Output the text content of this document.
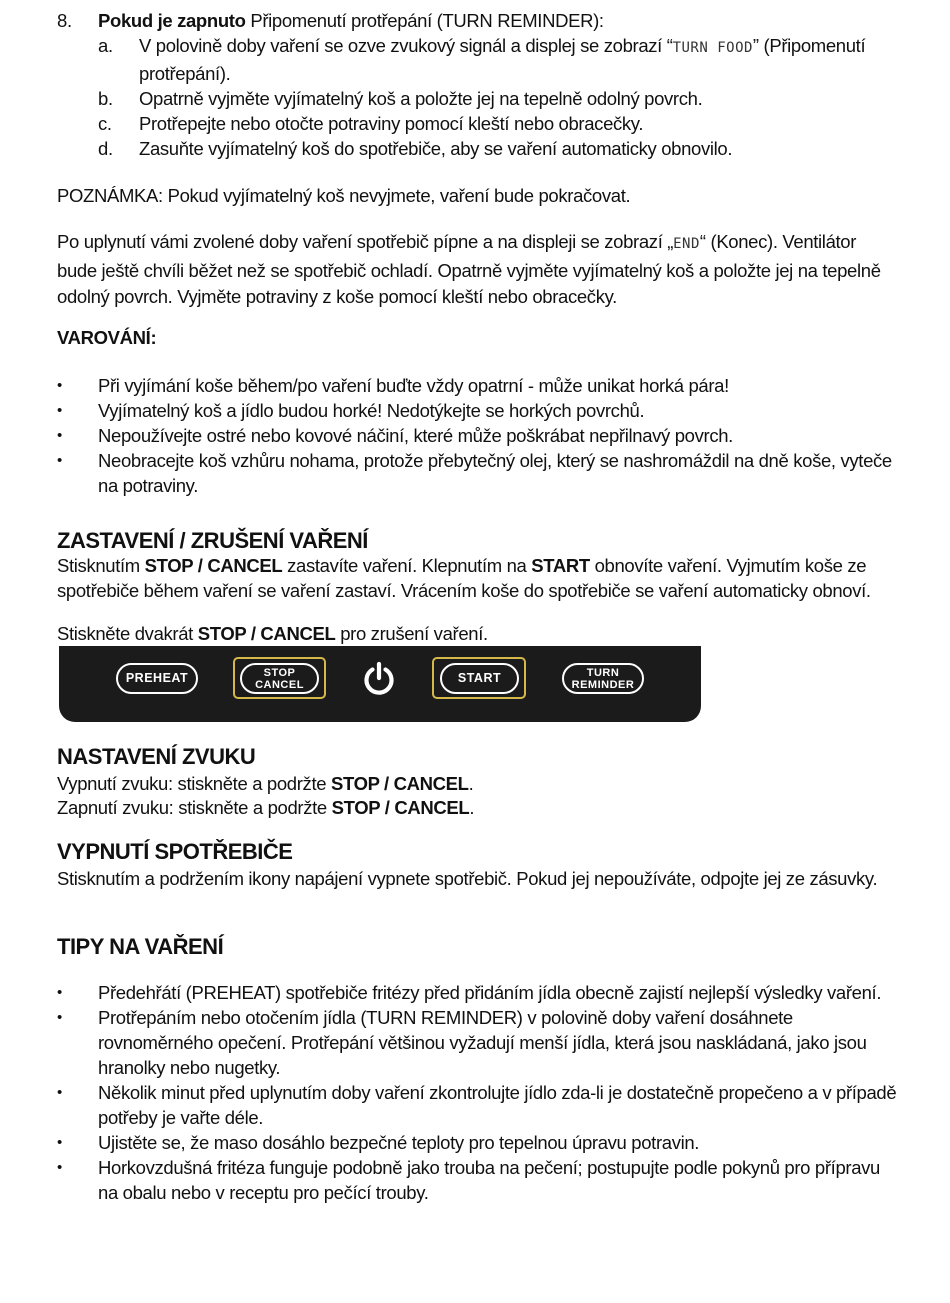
8. Pokud je zapnuto Připomenutí protřepání (TURN REMINDER):
a. V polovině doby vaření se ozve zvukový signál a displej se zobrazí “TURN FOOD” (Připomenutí protřepání).
b. Opatrně vyjměte vyjímatelný koš a položte jej na tepelně odolný povrch.
c. Protřepejte nebo otočte potraviny pomocí kleští nebo obracečky.
d. Zasuňte vyjímatelný koš do spotřebiče, aby se vaření automaticky obnovilo.

POZNÁMKA: Pokud vyjímatelný koš nevyjmete, vaření bude pokračovat.

Po uplynutí vámi zvolené doby vaření spotřebič pípne a na displeji se zobrazí „END“ (Konec). Ventilátor bude ještě chvíli běžet než se spotřebič ochladí. Opatrně vyjměte vyjímatelný koš a položte jej na tepelně odolný povrch. Vyjměte potraviny z koše pomocí kleští nebo obracečky.

VAROVÁNÍ:

• Při vyjímání koše během/po vaření buďte vždy opatrní - může unikat horká pára!
• Vyjímatelný koš a jídlo budou horké! Nedotýkejte se horkých povrchů.
• Nepoužívejte ostré nebo kovové náčiní, které může poškrábat nepřilnavý povrch.
• Neobracejte koš vzhůru nohama, protože přebytečný olej, který se nashromáždil na dně koše, vyteče na potraviny.
ZASTAVENÍ / ZRUŠENÍ VAŘENÍ

Stisknutím STOP / CANCEL zastavíte vaření. Klepnutím na START obnovíte vaření. Vyjmutím koše ze spotřebiče během vaření se vaření zastaví. Vrácením koše do spotřebiče se vaření automaticky obnoví.

Stiskněte dvakrát STOP / CANCEL pro zrušení vaření.

PREHEAT	STOP
CANCEL	START	TURN
REMINDER
NASTAVENÍ ZVUKU

Vypnutí zvuku: stiskněte a podržte STOP / CANCEL.

Zapnutí zvuku: stiskněte a podržte STOP / CANCEL.

VYPNUTÍ SPOTŘEBIČE

Stisknutím a podržením ikony napájení vypnete spotřebič. Pokud jej nepoužíváte, odpojte jej ze zásuvky.

TIPY NA VAŘENÍ
• Předehřátí (PREHEAT) spotřebiče fritézy před přidáním jídla obecně zajistí nejlepší výsledky vaření.
• Protřepáním nebo otočením jídla (TURN REMINDER) v polovině doby vaření dosáhnete rovnoměrného opečení. Protřepání většinou vyžadují menší jídla, která jsou naskládaná, jako jsou hranolky nebo nugetky.
• Několik minut před uplynutím doby vaření zkontrolujte jídlo zda-li je dostatečně propečeno a v případě potřeby je vařte déle.
• Ujistěte se, že maso dosáhlo bezpečné teploty pro tepelnou úpravu potravin.
• Horkovzdušná fritéza funguje podobně jako trouba na pečení; postupujte podle pokynů pro přípravu na obalu nebo v receptu pro pečící trouby.
